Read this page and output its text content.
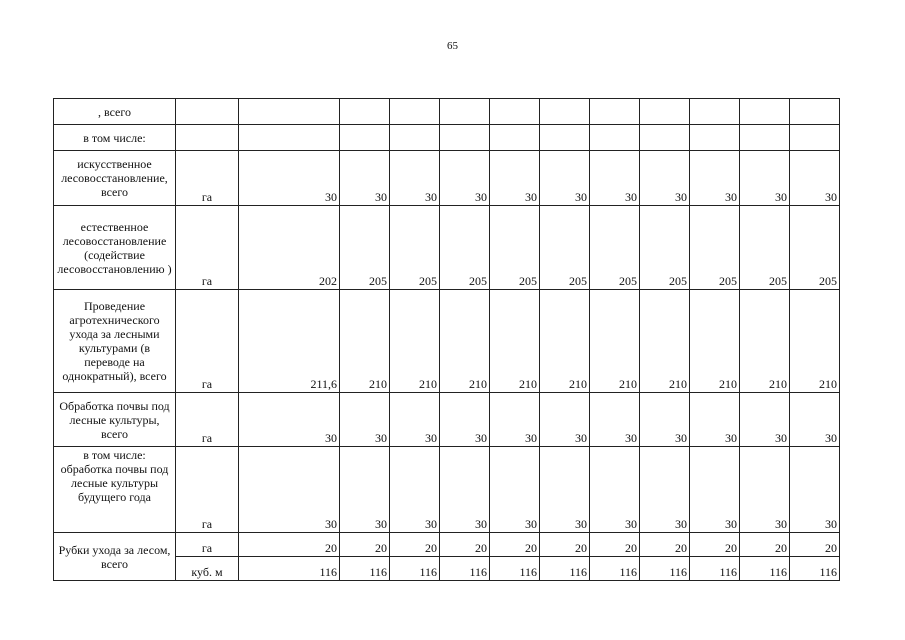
65
, всего												
в том числе:												
искусственное лесовосстановление, всего	га	30	30	30	30	30	30	30	30	30	30	30
естественное лесовосстановление (содействие лесовосстановлению )	га	202	205	205	205	205	205	205	205	205	205	205
Проведение агротехнического ухода за лесными культурами (в переводе на однократный), всего	га	211,6	210	210	210	210	210	210	210	210	210	210
Обработка почвы под лесные культуры, всего	га	30	30	30	30	30	30	30	30	30	30	30
в том числе: обработка почвы под лесные культуры будущего года	га	30	30	30	30	30	30	30	30	30	30	30
Рубки ухода за лесом, всего	га	20	20	20	20	20	20	20	20	20	20	20
	куб. м	116	116	116	116	116	116	116	116	116	116	116
